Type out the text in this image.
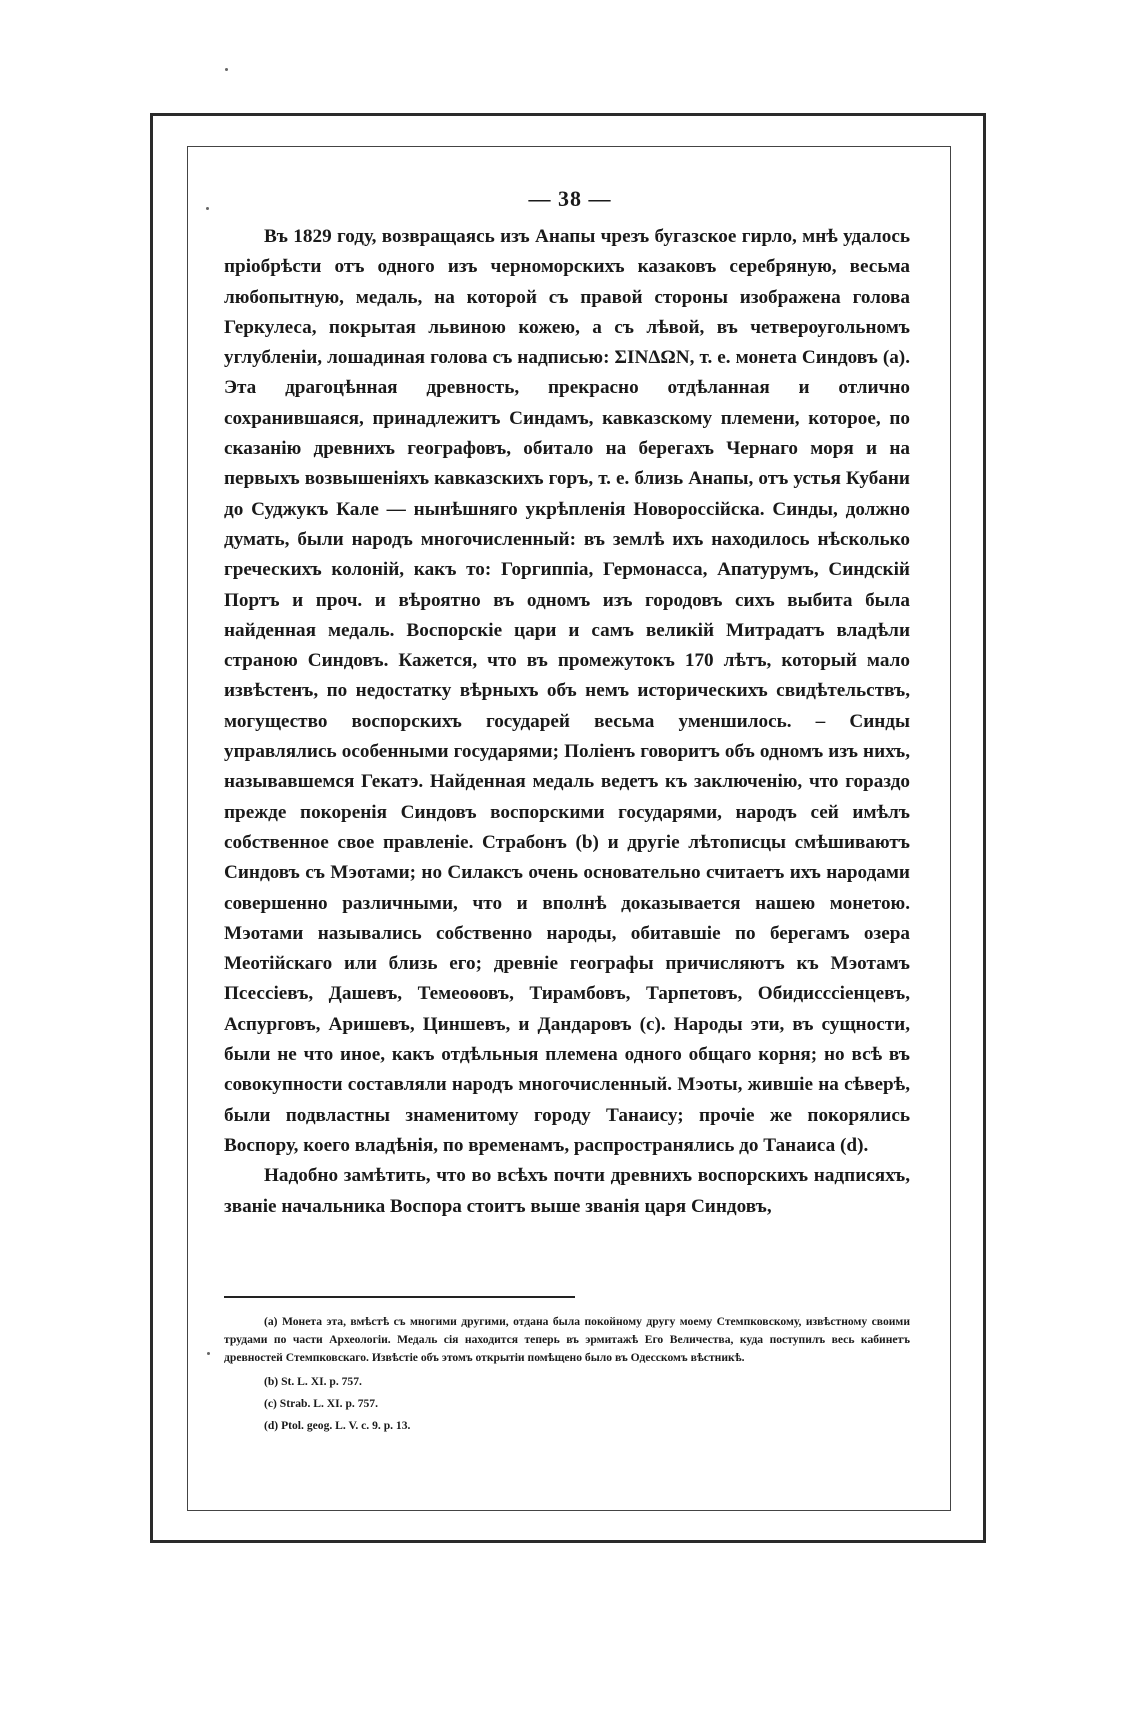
— 38 —

Въ 1829 году, возвращаясь изъ Анапы чрезъ бугазское гирло, мнѣ удалось пріобрѣсти отъ одного изъ черноморскихъ казаковъ серебряную, весьма любопытную, медаль, на которой съ правой стороны изображена голова Геркулеса, покрытая львиною кожею, а съ лѣвой, въ четвероугольномъ углубленіи, лошадиная голова съ надписью: ΣΙΝΔΩΝ, т. е. монета Синдовъ (a). Эта драгоцѣнная древность, прекрасно отдѣланная и отлично сохранившаяся, принадлежитъ Синдамъ, кавказскому племени, которое, по сказанію древнихъ географовъ, обитало на берегахъ Чернаго моря и на первыхъ возвышеніяхъ кавказскихъ горъ, т. е. близь Анапы, отъ устья Кубани до Суджукъ Кале — нынѣшняго укрѣпленія Новороссійска. Синды, должно думать, были народъ многочисленный: въ землѣ ихъ находилось нѣсколько греческихъ колоній, какъ то: Горгиппіа, Гермонасса, Апатурумъ, Синдскій Портъ и проч. и вѣроятно въ одномъ изъ городовъ сихъ выбита была найденная медаль. Воспорскіе цари и самъ великій Митрадатъ владѣли страною Синдовъ. Кажется, что въ промежутокъ 170 лѣтъ, который мало извѣстенъ, по недостатку вѣрныхъ объ немъ историческихъ свидѣтельствъ, могущество воспорскихъ государей весьма уменшилось. – Синды управлялись особенными государями; Поліенъ говоритъ объ одномъ изъ нихъ, называвшемся Гекатэ. Найденная медаль ведетъ къ заключенію, что гораздо прежде покоренія Синдовъ воспорскими государями, народъ сей имѣлъ собственное свое правленіе. Страбонъ (b) и другіе лѣтописцы смѣшиваютъ Синдовъ съ Мэотами; но Силаксъ очень основательно считаетъ ихъ народами совершенно различными, что и вполнѣ доказывается нашею монетою. Мэотами назывались собственно народы, обитавшіе по берегамъ озера Меотійскаго или близь его; древніе географы причисляютъ къ Мэотамъ Псессіевъ, Дашевъ, Темеоѳовъ, Тирамбовъ, Тарпетовъ, Обидисссіенцевъ, Аспурговъ, Аришевъ, Циншевъ, и Дандаровъ (c). Народы эти, въ сущности, были не что иное, какъ отдѣльныя племена одного общаго корня; но всѣ въ совокупности составляли народъ многочисленный. Мэоты, жившіе на сѣверѣ, были подвластны знаменитому городу Танаису; прочіе же покорялись Воспору, коего владѣнія, по временамъ, распространялись до Танаиса (d).

Надобно замѣтить, что во всѣхъ почти древнихъ воспорскихъ надписяхъ, званіе начальника Воспора стоитъ выше званія царя Синдовъ,

(a) Монета эта, вмѣстѣ съ многими другими, отдана была покойному другу моему Стемпковскому, извѣстному своими трудами по части Археологіи. Медаль сія находится теперь въ эрмитажѣ Его Величества, куда поступилъ весь кабинетъ древностей Стемпковскаго. Извѣстіе объ этомъ открытіи помѣщено было въ Одесскомъ вѣстникѣ.

(b) St. L. XI. p. 757.

(c) Strab. L. XI. p. 757.

(d) Ptol. geog. L. V. c. 9. p. 13.
